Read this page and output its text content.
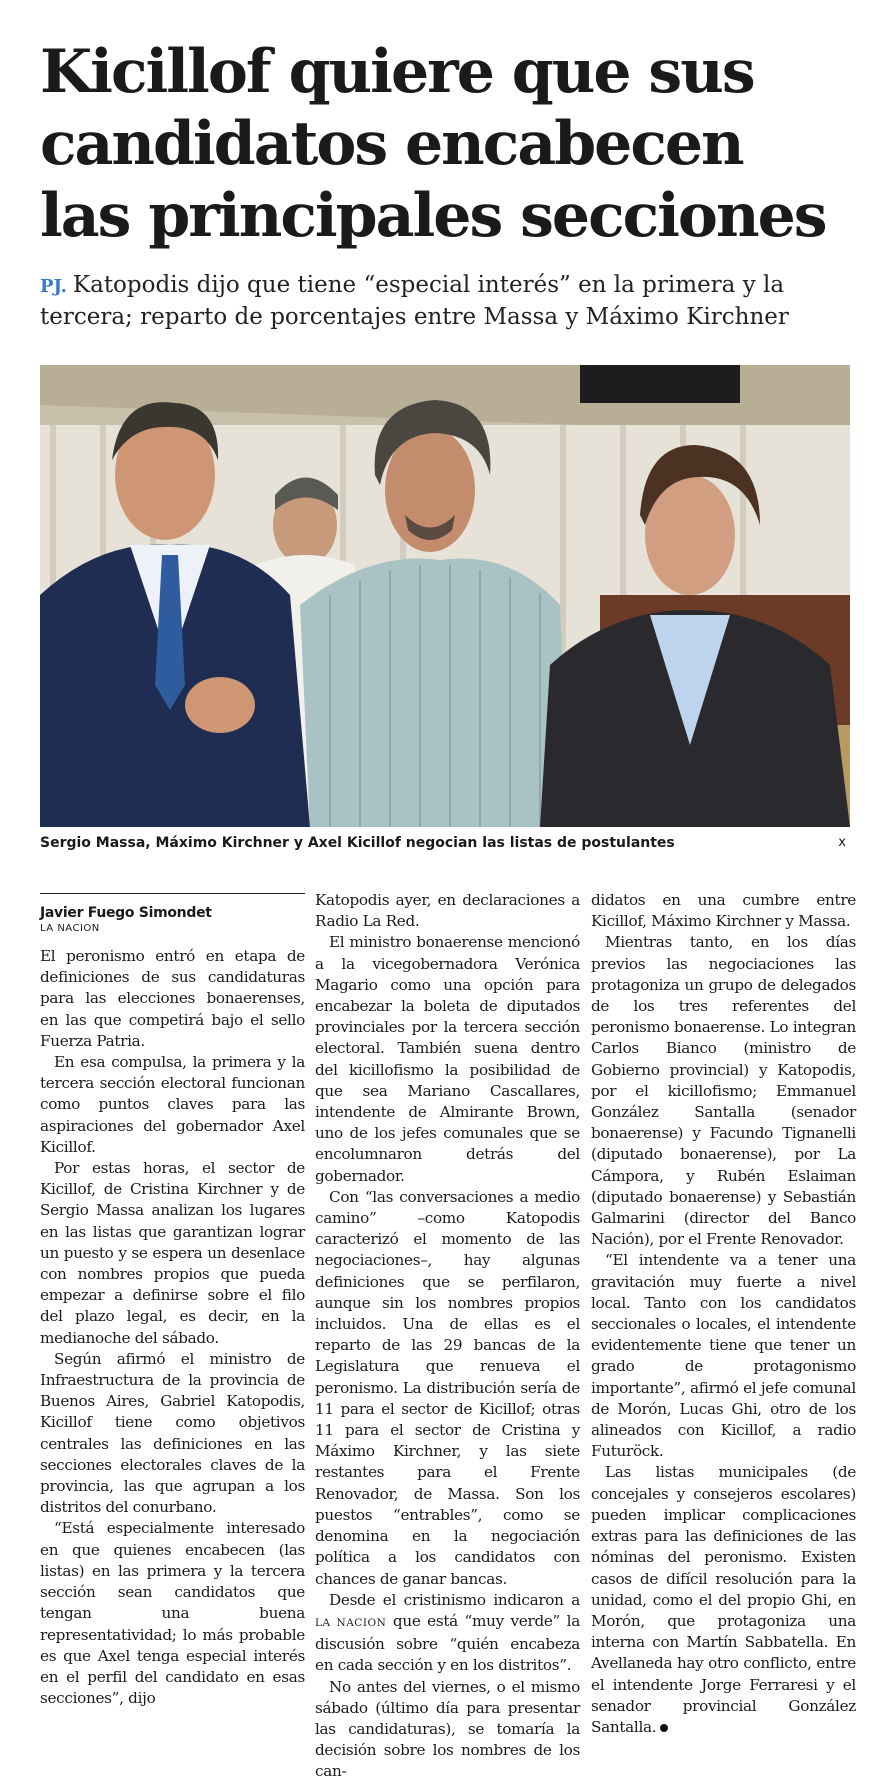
Kicillof quiere que sus
candidatos encabecen
las principales secciones
PJ. Katopodis dijo que tiene “especial interés” en la primera y la
tercera; reparto de porcentajes entre Massa y Máximo Kirchner
Sergio Massa, Máximo Kirchner y Axel Kicillof negocian las listas de postulantes	x
Javier Fuego Simondet
LA NACION

El peronismo entró en etapa de definiciones de sus candidaturas para las elecciones bonaerenses, en las que competirá bajo el sello Fuerza Patria.

En esa compulsa, la primera y la tercera sección electoral funcionan como puntos claves para las aspiraciones del gobernador Axel Kicillof.

Por estas horas, el sector de Kicillof, de Cristina Kirchner y de Sergio Massa analizan los lugares en las listas que garantizan lograr un puesto y se espera un desenlace con nombres propios que pueda empezar a definirse sobre el filo del plazo legal, es decir, en la medianoche del sábado.

Según afirmó el ministro de Infraestructura de la provincia de Buenos Aires, Gabriel Katopodis, Kicillof tiene como objetivos centrales las definiciones en las secciones electorales claves de la provincia, las que agrupan a los distritos del conurbano.

“Está especialmente interesado en que quienes encabecen (las listas) en las primera y la tercera sección sean candidatos que tengan una buena representatividad; lo más probable es que Axel tenga especial interés en el perfil del candidato en esas secciones”, dijo

Katopodis ayer, en declaraciones a Radio La Red.

El ministro bonaerense mencionó a la vicegobernadora Verónica Magario como una opción para encabezar la boleta de diputados provinciales por la tercera sección electoral. También suena dentro del kicillofismo la posibilidad de que sea Mariano Cascallares, intendente de Almirante Brown, uno de los jefes comunales que se encolumnaron detrás del gobernador.

Con “las conversaciones a medio camino” –como Katopodis caracterizó el momento de las negociaciones–, hay algunas definiciones que se perfilaron, aunque sin los nombres propios incluidos. Una de ellas es el reparto de las 29 bancas de la Legislatura que renueva el peronismo. La distribución sería de 11 para el sector de Kicillof; otras 11 para el sector de Cristina y Máximo Kirchner, y las siete restantes para el Frente Renovador, de Massa. Son los puestos “entrables”, como se denomina en la negociación política a los candidatos con chances de ganar bancas.

Desde el cristinismo indicaron a LA NACION que está “muy verde” la discusión sobre “quién encabeza en cada sección y en los distritos”.

No antes del viernes, o el mismo sábado (último día para presentar las candidaturas), se tomaría la decisión sobre los nombres de los can-

didatos en una cumbre entre Kicillof, Máximo Kirchner y Massa.

Mientras tanto, en los días previos las negociaciones las protagoniza un grupo de delegados de los tres referentes del peronismo bonaerense. Lo integran Carlos Bianco (ministro de Gobierno provincial) y Katopodis, por el kicillofismo; Emmanuel González Santalla (senador bonaerense) y Facundo Tignanelli (diputado bonaerense), por La Cámpora, y Rubén Eslaiman (diputado bonaerense) y Sebastián Galmarini (director del Banco Nación), por el Frente Renovador.

“El intendente va a tener una gravitación muy fuerte a nivel local. Tanto con los candidatos seccionales o locales, el intendente evidentemente tiene que tener un grado de protagonismo importante”, afirmó el jefe comunal de Morón, Lucas Ghi, otro de los alineados con Kicillof, a radio Futuröck.

Las listas municipales (de concejales y consejeros escolares) pueden implicar complicaciones extras para las definiciones de las nóminas del peronismo. Existen casos de difícil resolución para la unidad, como el del propio Ghi, en Morón, que protagoniza una interna con Martín Sabbatella. En Avellaneda hay otro conflicto, entre el intendente Jorge Ferraresi y el senador provincial González Santalla.
